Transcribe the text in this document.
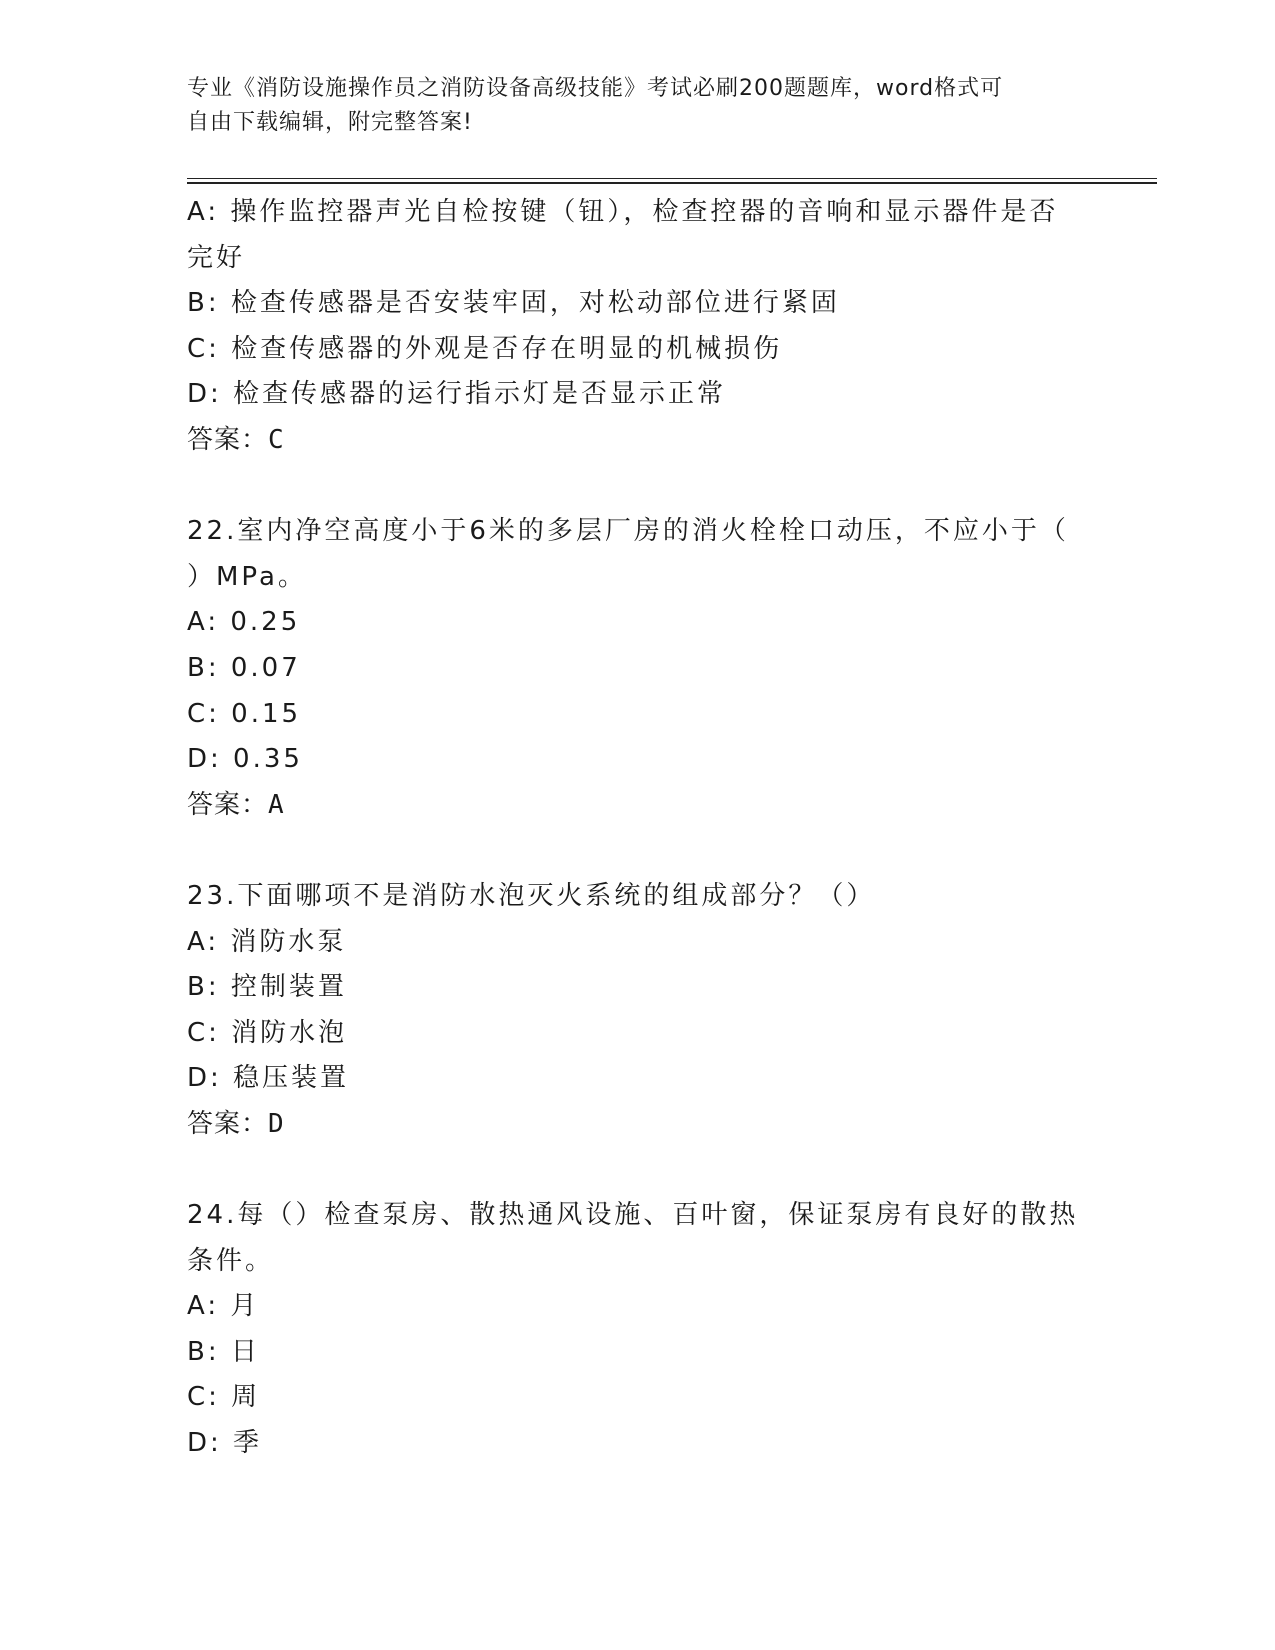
专业《消防设施操作员之消防设备高级技能》考试必刷200题题库，word格式可
自由下载编辑，附完整答案!
A: 操作监控器声光自检按键（钮），检查控器的音响和显示器件是否
完好
B: 检查传感器是否安装牢固，对松动部位进行紧固
C: 检查传感器的外观是否存在明显的机械损伤
D: 检查传感器的运行指示灯是否显示正常
答案：C
22.室内净空高度小于6米的多层厂房的消火栓栓口动压，不应小于（
）MPa。
A: 0.25
B: 0.07
C: 0.15
D: 0.35
答案：A
23.下面哪项不是消防水泡灭火系统的组成部分？（）
A: 消防水泵
B: 控制装置
C: 消防水泡
D: 稳压装置
答案：D
24.每（）检查泵房、散热通风设施、百叶窗，保证泵房有良好的散热
条件。
A: 月
B: 日
C: 周
D: 季
